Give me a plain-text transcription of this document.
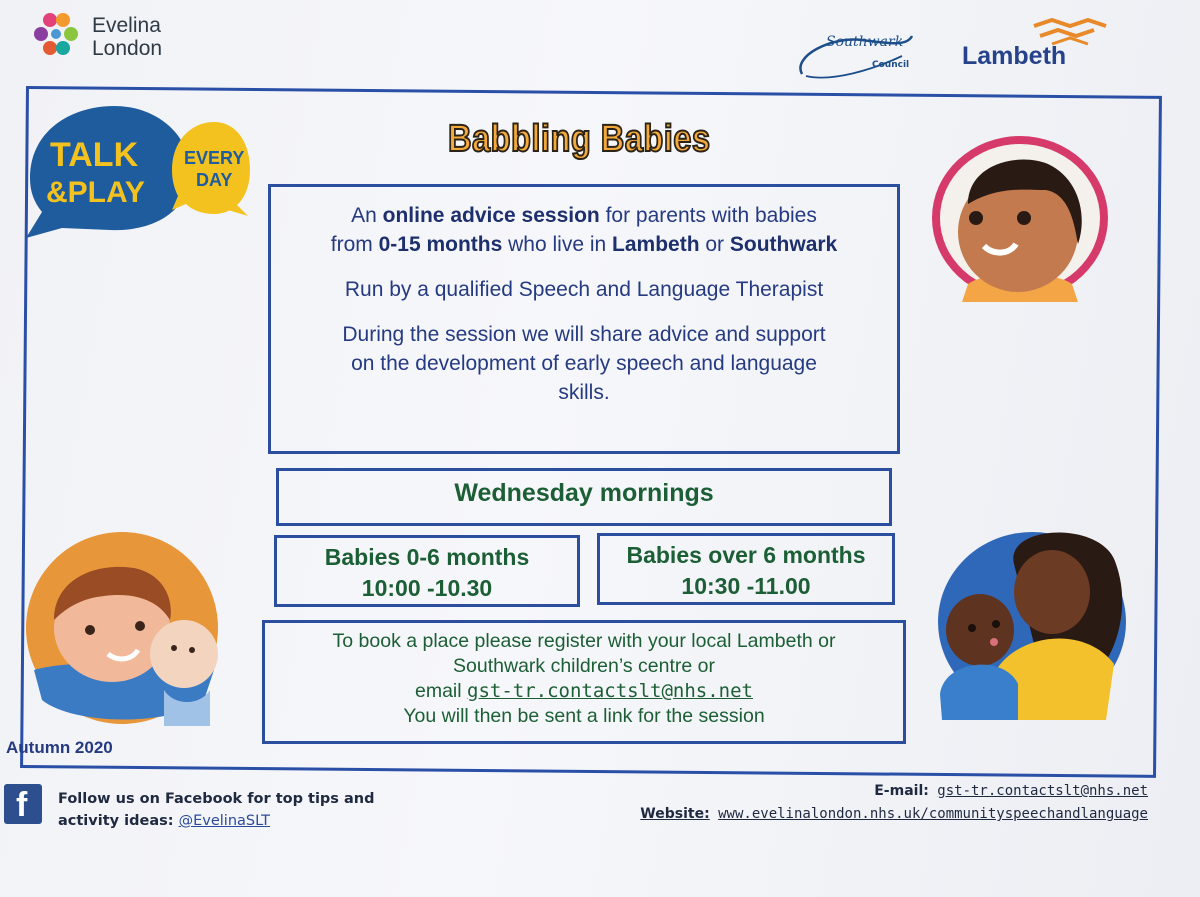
Evelina
London	Southwark
Council Lambeth
TALK
&PLAY
EVERY
DAY
Babbling Babies

An online advice session for parents with babies
from 0-15 months who live in Lambeth or Southwark

Run by a qualified Speech and Language Therapist

During the session we will share advice and support
on the development of early speech and language
skills.

Wednesday mornings
Babies 0-6 months
10:00 -10.30
Babies over 6 months
10:30 -11.00
To book a place please register with your local Lambeth or
Southwark children’s centre or
email gst-tr.contactslt@nhs.net
You will then be sent a link for the session
Autumn 2020
f Follow us on Facebook for top tips and
activity ideas: @EvelinaSLT
E-mail: gst-tr.contactslt@nhs.net
Website: www.evelinalondon.nhs.uk/communityspeechandlanguage
